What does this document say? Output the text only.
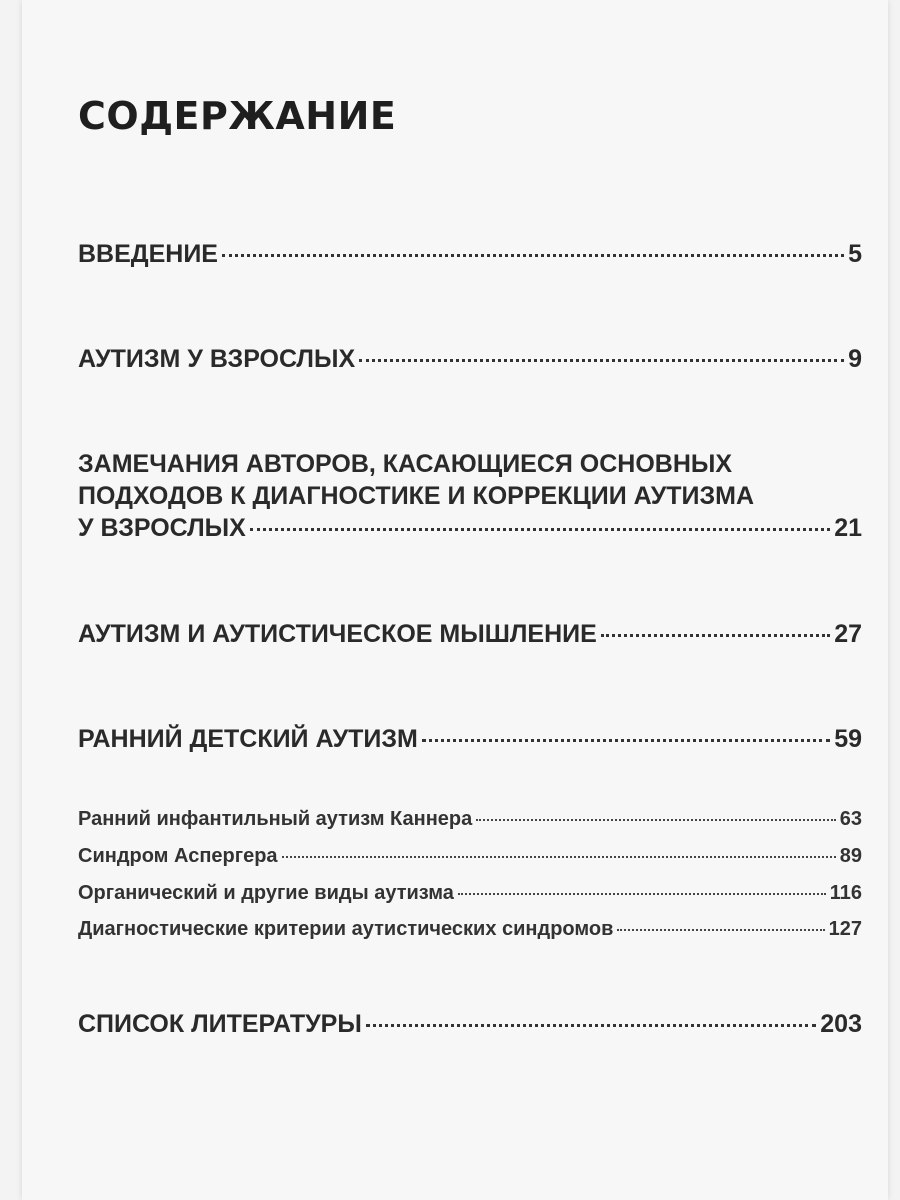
СОДЕРЖАНИЕ
ВВЕДЕНИЕ	5
АУТИЗМ У ВЗРОСЛЫХ	9
ЗАМЕЧАНИЯ АВТОРОВ, КАСАЮЩИЕСЯ ОСНОВНЫХ
ПОДХОДОВ К ДИАГНОСТИКЕ И КОРРЕКЦИИ АУТИЗМА
У ВЗРОСЛЫХ	21
АУТИЗМ И АУТИСТИЧЕСКОЕ МЫШЛЕНИЕ	27
РАННИЙ ДЕТСКИЙ АУТИЗМ	59
Ранний инфантильный аутизм Каннера	63
Синдром Аспергера	89
Органический и другие виды аутизма	116
Диагностические критерии аутистических синдромов	127
СПИСОК ЛИТЕРАТУРЫ	203
